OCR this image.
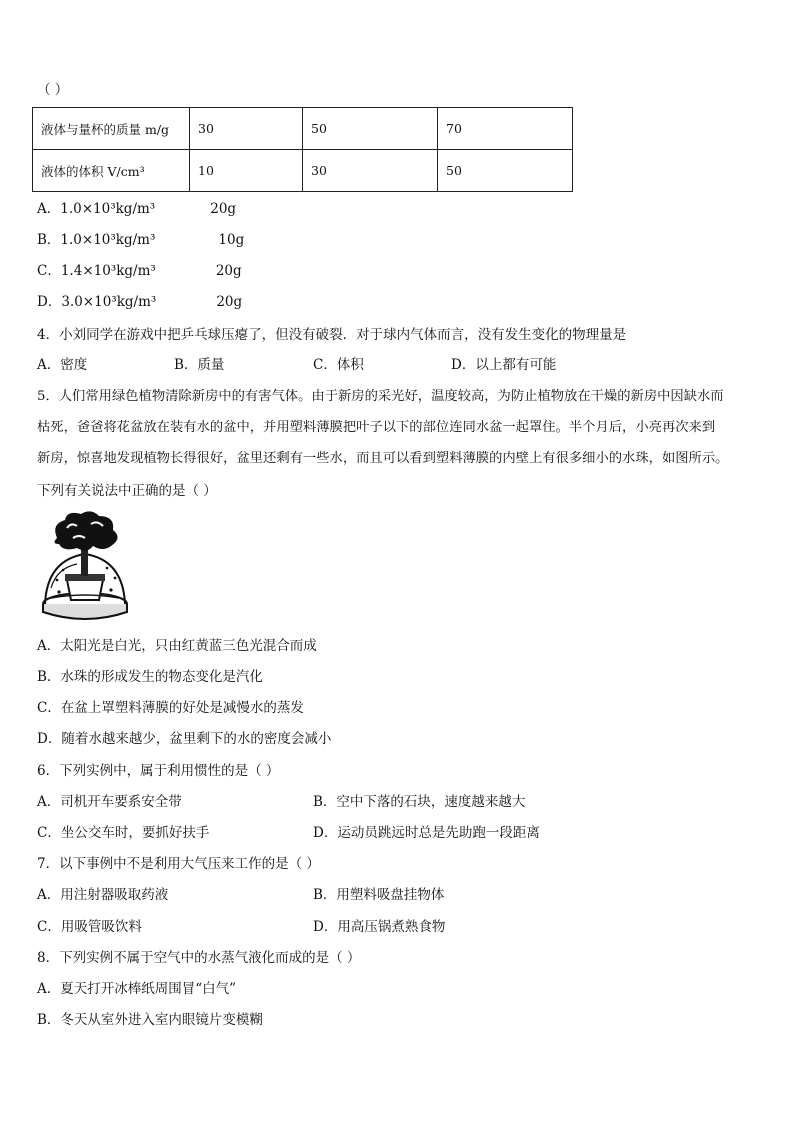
（ ）
液体与量杯的质量 m/g	30	50	70
液体的体积 V/cm³	10	30	50
A．1.0×10³kg/m³	20g
B．1.0×10³kg/m³	10g
C．1.4×10³kg/m³	20g
D．3.0×10³kg/m³	20g
4．小刘同学在游戏中把乒乓球压瘪了，但没有破裂．对于球内气体而言，没有发生变化的物理量是
A．密度	B．质量	C．体积	D．以上都有可能
5．人们常用绿色植物清除新房中的有害气体。由于新房的采光好，温度较高，为防止植物放在干燥的新房中因缺水而
枯死，爸爸将花盆放在装有水的盆中，并用塑料薄膜把叶子以下的部位连同水盆一起罩住。半个月后，小亮再次来到
新房，惊喜地发现植物长得很好，盆里还剩有一些水，而且可以看到塑料薄膜的内壁上有很多细小的水珠，如图所示。
下列有关说法中正确的是（ ）
A．太阳光是白光，只由红黄蓝三色光混合而成
B．水珠的形成发生的物态变化是汽化
C．在盆上罩塑料薄膜的好处是减慢水的蒸发
D．随着水越来越少，盆里剩下的水的密度会减小
6．下列实例中，属于利用惯性的是（ ）
A．司机开车要系安全带	B．空中下落的石块，速度越来越大
C．坐公交车时，要抓好扶手	D．运动员跳远时总是先助跑一段距离
7．以下事例中不是利用大气压来工作的是（ ）
A．用注射器吸取药液	B．用塑料吸盘挂物体
C．用吸管吸饮料	D．用高压锅煮熟食物
8．下列实例不属于空气中的水蒸气液化而成的是（ ）
A．夏天打开冰棒纸周围冒“白气”
B．冬天从室外进入室内眼镜片变模糊
